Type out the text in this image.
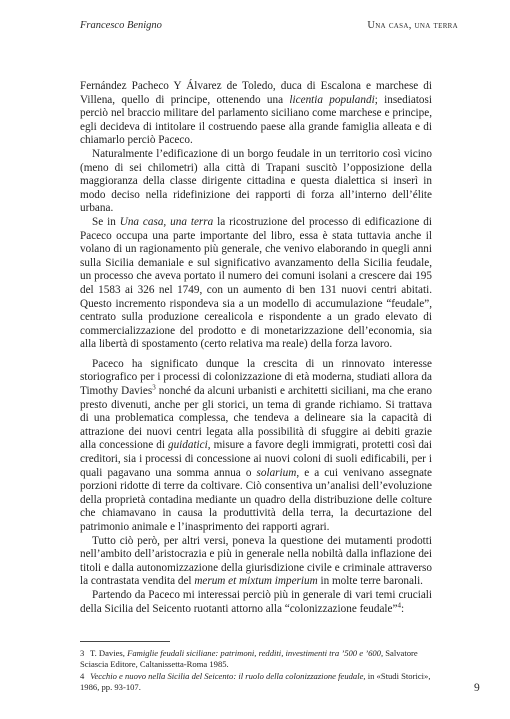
Francesco Benigno	Una casa, una terra

Fernández Pacheco Y Álvarez de Toledo, duca di Escalona e marchese di Villena, quello di principe, ottenendo una licentia populandi; insediatosi perciò nel braccio militare del parlamento siciliano come marchese e principe, egli decideva di intitolare il costruendo paese alla grande famiglia alleata e di chiamarlo perciò Paceco.

Naturalmente l’edificazione di un borgo feudale in un territorio così vicino (meno di sei chilometri) alla città di Trapani suscitò l’opposizione della maggioranza della classe dirigente cittadina e questa dialettica si inserì in modo deciso nella ridefinizione dei rapporti di forza all’interno dell’élite urbana.

Se in Una casa, una terra la ricostruzione del processo di edificazione di Paceco occupa una parte importante del libro, essa è stata tuttavia anche il volano di un ragionamento più generale, che venivo elaborando in quegli anni sulla Sicilia demaniale e sul significativo avanzamento della Sicilia feudale, un processo che aveva portato il numero dei comuni isolani a crescere dai 195 del 1583 ai 326 nel 1749, con un aumento di ben 131 nuovi centri abitati. Questo incremento rispondeva sia a un modello di accumulazione “feudale”, centrato sulla produzione cerealicola e rispondente a un grado elevato di commercializzazione del prodotto e di monetarizzazione dell’economia, sia alla libertà di spostamento (certo relativa ma reale) della forza lavoro.

Paceco ha significato dunque la crescita di un rinnovato interesse storiografico per i processi di colonizzazione di età moderna, studiati allora da Timothy Davies$^3$ nonché da alcuni urbanisti e architetti siciliani, ma che erano presto divenuti, anche per gli storici, un tema di grande richiamo. Si trattava di una problematica complessa, che tendeva a delineare sia la capacità di attrazione dei nuovi centri legata alla possibilità di sfuggire ai debiti grazie alla concessione di guidatici, misure a favore degli immigrati, protetti così dai creditori, sia i processi di concessione ai nuovi coloni di suoli edificabili, per i quali pagavano una somma annua o solarium, e a cui venivano assegnate porzioni ridotte di terre da coltivare. Ciò consentiva un’analisi dell’evoluzione della proprietà contadina mediante un quadro della distribuzione delle colture che chiamavano in causa la produttività della terra, la decurtazione del patrimonio animale e l’inasprimento dei rapporti agrari.

Tutto ciò però, per altri versi, poneva la questione dei mutamenti prodotti nell’ambito dell’aristocrazia e più in generale nella nobiltà dalla inflazione dei titoli e dalla autonomizzazione della giurisdizione civile e criminale attraverso la contrastata vendita del merum et mixtum imperium in molte terre baronali.

Partendo da Paceco mi interessai perciò più in generale di vari temi cruciali della Sicilia del Seicento ruotanti attorno alla “colonizzazione feudale”$^4$:

3 T. Davies, Famiglie feudali siciliane: patrimoni, redditi, investimenti tra ’500 e ’600, Salvatore Sciascia Editore, Caltanissetta-Roma 1985.
4 Vecchio e nuovo nella Sicilia del Seicento: il ruolo della colonizzazione feudale, in «Studi Storici», 1986, pp. 93-107.	9
